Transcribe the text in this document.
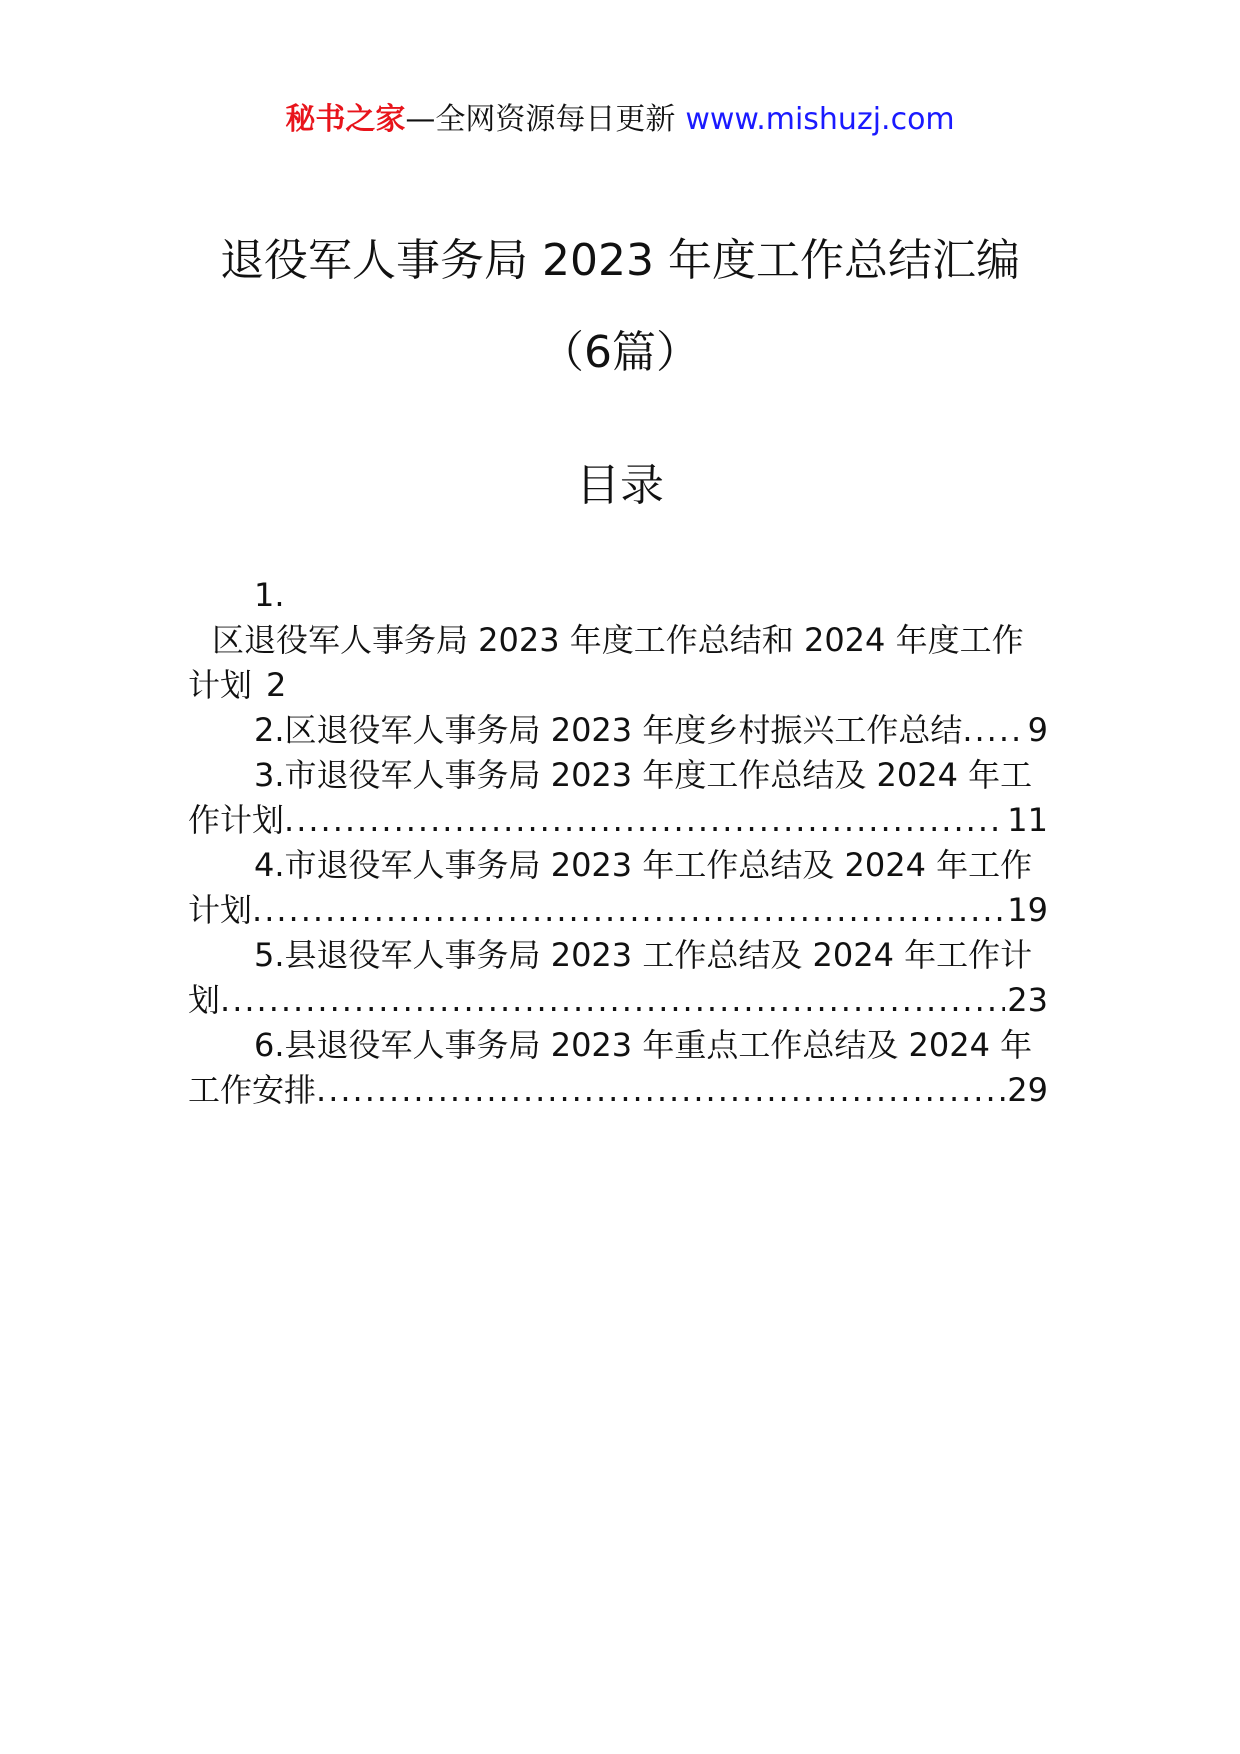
秘书之家—全网资源每日更新 www.mishuzj.com
退役军人事务局 2023 年度工作总结汇编
（6篇）
目录
1.
区退役军人事务局 2023 年度工作总结和 2024 年度工作
计划 2
2.区退役军人事务局 2023 年度乡村振兴工作总结 ..... 9
3.市退役军人事务局 2023 年度工作总结及 2024 年工
作计划 .....	11
4.市退役军人事务局 2023 年工作总结及 2024 年工作
计划 .....	19
5.县退役军人事务局 2023 工作总结及 2024 年工作计
划 .....	23
6.县退役军人事务局 2023 年重点工作总结及 2024 年
工作安排 .....	29
